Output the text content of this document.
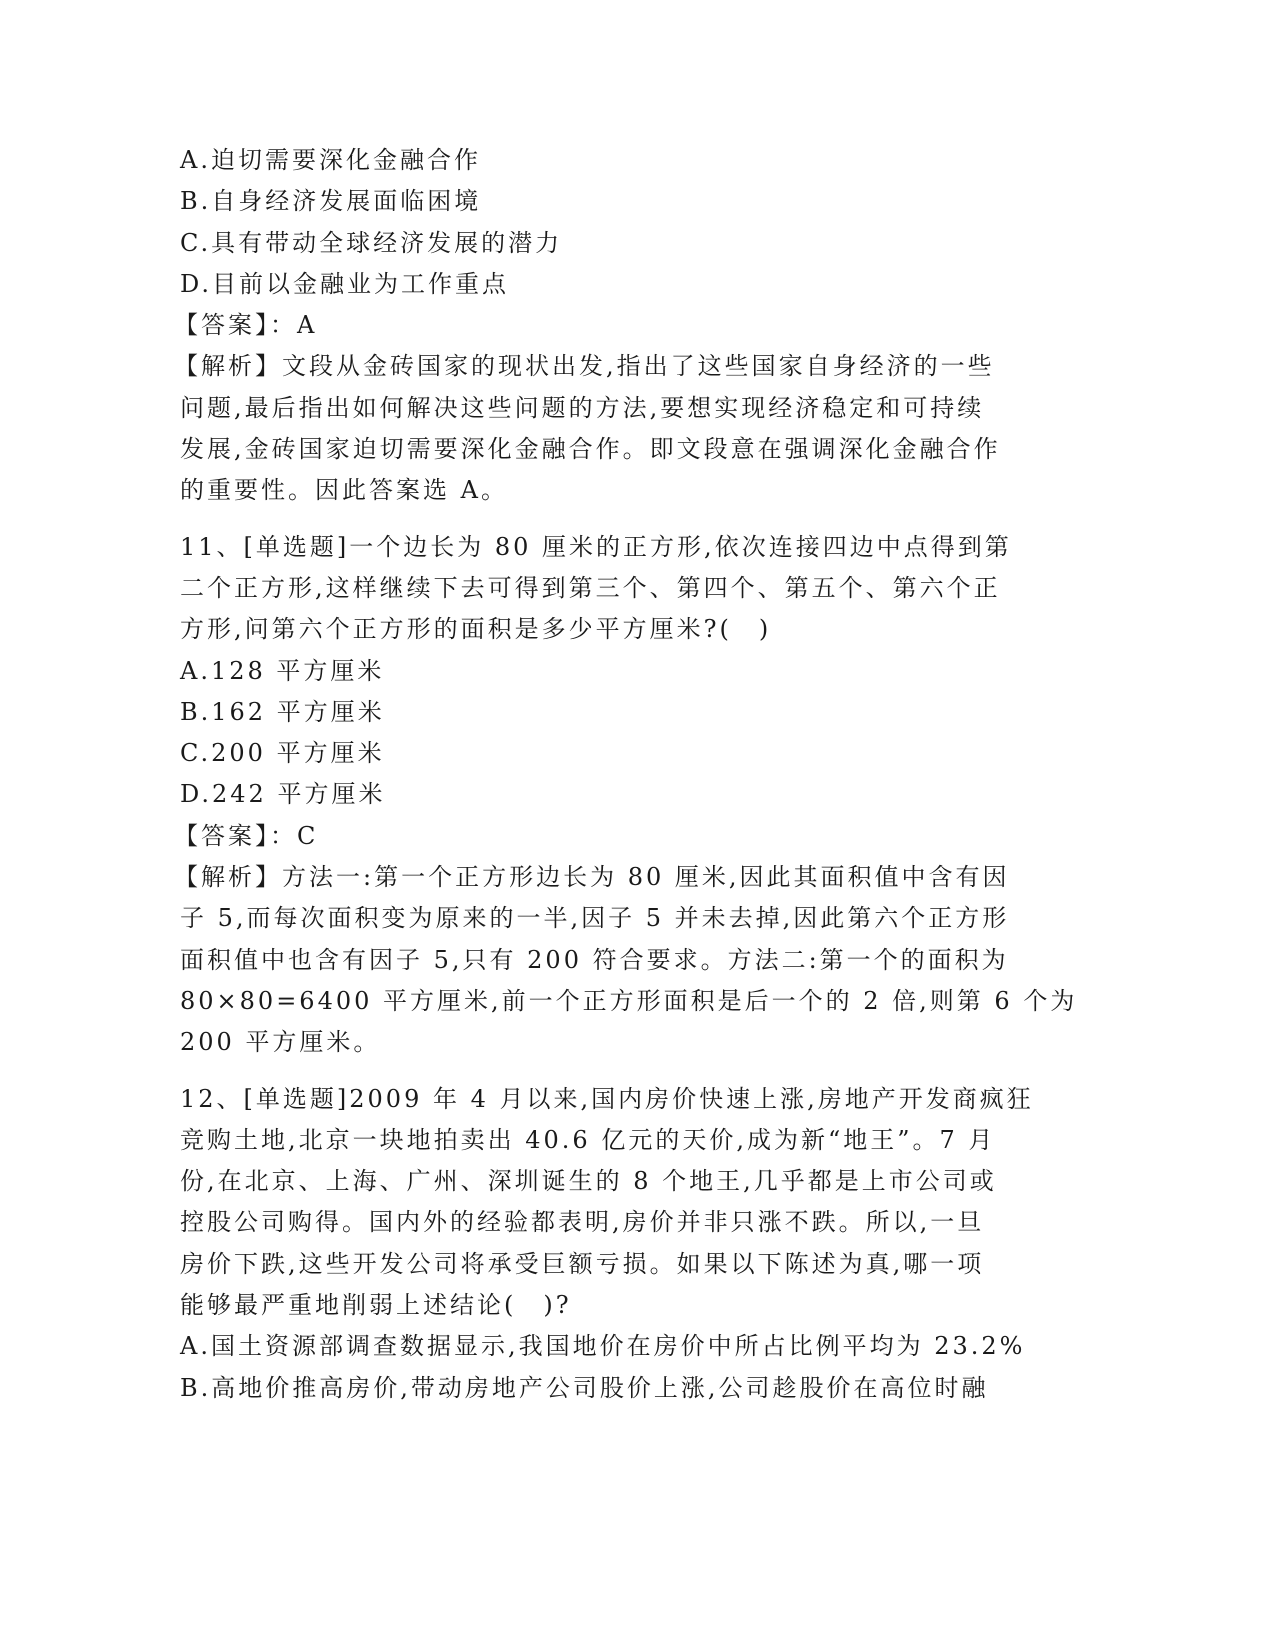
A.迫切需要深化金融合作
B.自身经济发展面临困境
C.具有带动全球经济发展的潜力
D.目前以金融业为工作重点
【答案】：A
【解析】文段从金砖国家的现状出发,指出了这些国家自身经济的一些
问题,最后指出如何解决这些问题的方法,要想实现经济稳定和可持续
发展,金砖国家迫切需要深化金融合作。即文段意在强调深化金融合作
的重要性。因此答案选 A。
11、[单选题]一个边长为 80 厘米的正方形,依次连接四边中点得到第
二个正方形,这样继续下去可得到第三个、第四个、第五个、第六个正
方形,问第六个正方形的面积是多少平方厘米?(　)
A.128 平方厘米
B.162 平方厘米
C.200 平方厘米
D.242 平方厘米
【答案】：C
【解析】方法一:第一个正方形边长为 80 厘米,因此其面积值中含有因
子 5,而每次面积变为原来的一半,因子 5 并未去掉,因此第六个正方形
面积值中也含有因子 5,只有 200 符合要求。方法二:第一个的面积为
80×80=6400 平方厘米,前一个正方形面积是后一个的 2 倍,则第 6 个为
200 平方厘米。
12、[单选题]2009 年 4 月以来,国内房价快速上涨,房地产开发商疯狂
竞购土地,北京一块地拍卖出 40.6 亿元的天价,成为新“地王”。7 月
份,在北京、上海、广州、深圳诞生的 8 个地王,几乎都是上市公司或
控股公司购得。国内外的经验都表明,房价并非只涨不跌。所以,一旦
房价下跌,这些开发公司将承受巨额亏损。如果以下陈述为真,哪一项
能够最严重地削弱上述结论(　)?
A.国土资源部调查数据显示,我国地价在房价中所占比例平均为 23.2%
B.高地价推高房价,带动房地产公司股价上涨,公司趁股价在高位时融
